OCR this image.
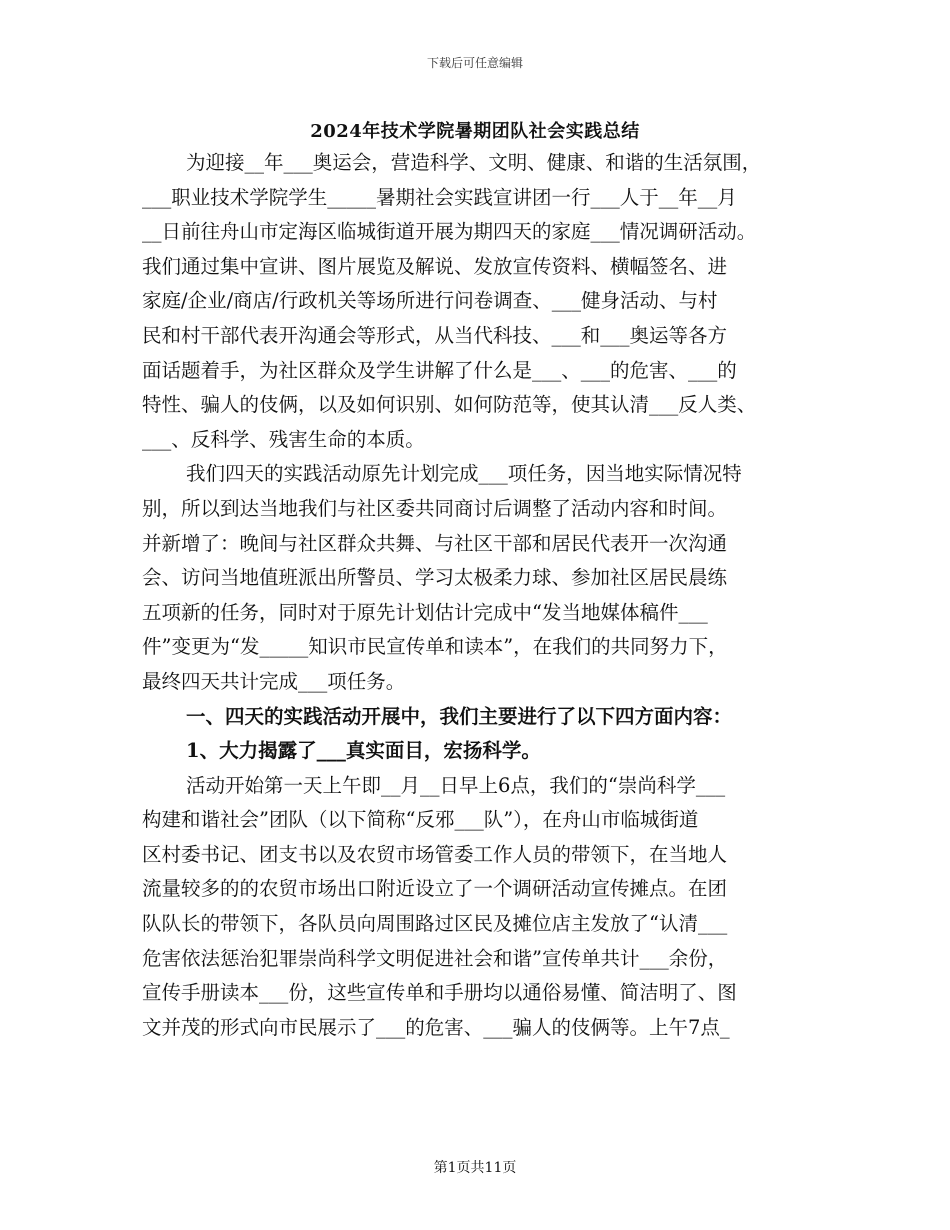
下载后可任意编辑
2024年技术学院暑期团队社会实践总结
为迎接__年___奥运会，营造科学、文明、健康、和谐的生活氛围，
___职业技术学院学生_____暑期社会实践宣讲团一行___人于__年__月
__日前往舟山市定海区临城街道开展为期四天的家庭___情况调研活动。
我们通过集中宣讲、图片展览及解说、发放宣传资料、横幅签名、进
家庭/企业/商店/行政机关等场所进行问卷调查、___健身活动、与村
民和村干部代表开沟通会等形式，从当代科技、___和___奥运等各方
面话题着手，为社区群众及学生讲解了什么是___、___的危害、___的
特性、骗人的伎俩，以及如何识别、如何防范等，使其认清___反人类、
___、反科学、残害生命的本质。
我们四天的实践活动原先计划完成___项任务，因当地实际情况特
别，所以到达当地我们与社区委共同商讨后调整了活动内容和时间。
并新增了：晚间与社区群众共舞、与社区干部和居民代表开一次沟通
会、访问当地值班派出所警员、学习太极柔力球、参加社区居民晨练
五项新的任务，同时对于原先计划估计完成中“发当地媒体稿件___
件”变更为“发_____知识市民宣传单和读本”，在我们的共同努力下，
最终四天共计完成___项任务。
一、四天的实践活动开展中，我们主要进行了以下四方面内容：
1、大力揭露了___真实面目，宏扬科学。
活动开始第一天上午即__月__日早上6点，我们的“崇尚科学___
构建和谐社会”团队（以下简称“反邪___队”），在舟山市临城街道
区村委书记、团支书以及农贸市场管委工作人员的带领下，在当地人
流量较多的的农贸市场出口附近设立了一个调研活动宣传摊点。在团
队队长的带领下，各队员向周围路过区民及摊位店主发放了“认清___
危害依法惩治犯罪崇尚科学文明促进社会和谐”宣传单共计___余份，
宣传手册读本___份，这些宣传单和手册均以通俗易懂、简洁明了、图
文并茂的形式向市民展示了___的危害、___骗人的伎俩等。上午7点_
第1页共11页
